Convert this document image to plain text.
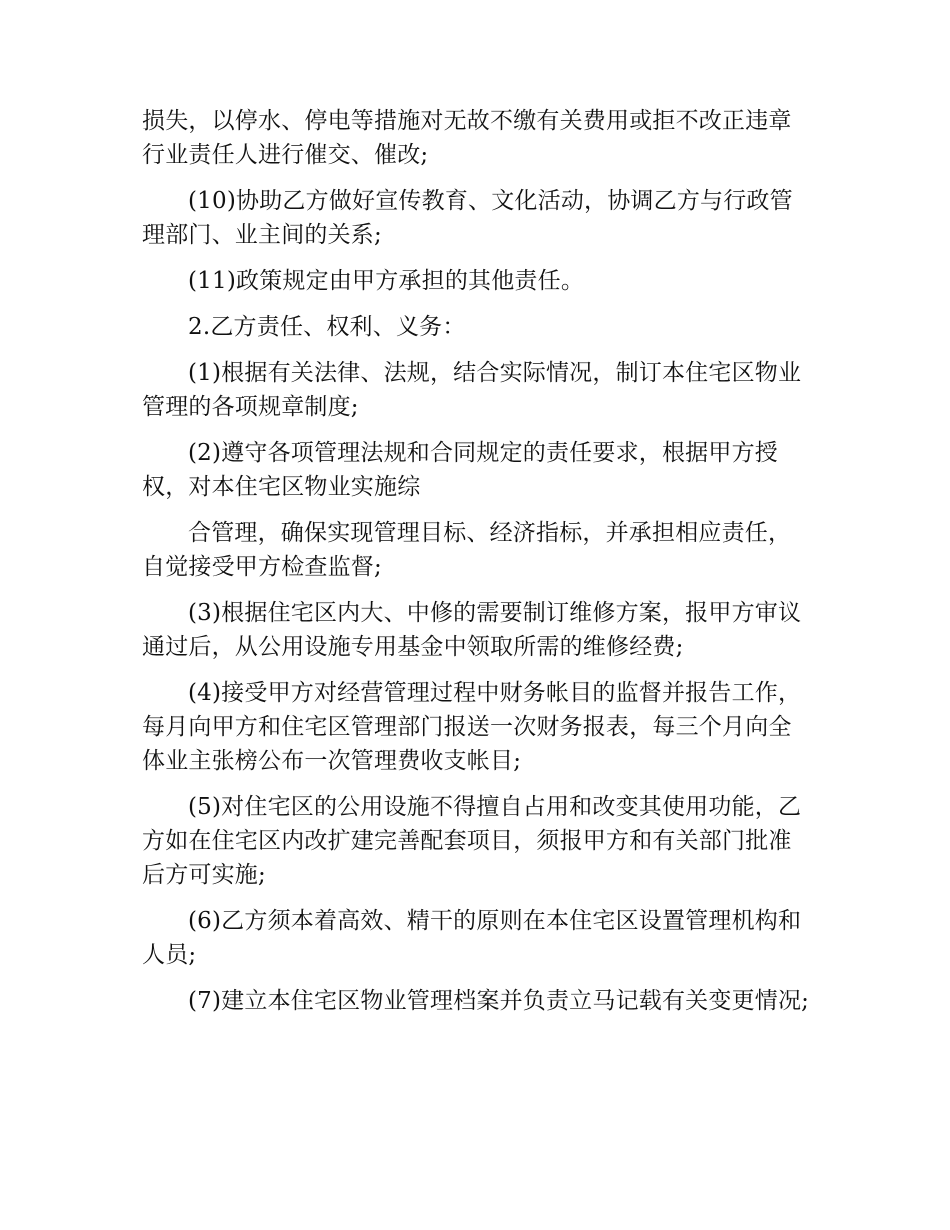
损失，以停水、停电等措施对无故不缴有关费用或拒不改正违章行业责任人进行催交、催改;

(10)协助乙方做好宣传教育、文化活动，协调乙方与行政管理部门、业主间的关系;

(11)政策规定由甲方承担的其他责任。

2.乙方责任、权利、义务：

(1)根据有关法律、法规，结合实际情况，制订本住宅区物业管理的各项规章制度;

(2)遵守各项管理法规和合同规定的责任要求，根据甲方授权，对本住宅区物业实施综

合管理，确保实现管理目标、经济指标，并承担相应责任，自觉接受甲方检查监督;

(3)根据住宅区内大、中修的需要制订维修方案，报甲方审议通过后，从公用设施专用基金中领取所需的维修经费;

(4)接受甲方对经营管理过程中财务帐目的监督并报告工作，每月向甲方和住宅区管理部门报送一次财务报表，每三个月向全体业主张榜公布一次管理费收支帐目;

(5)对住宅区的公用设施不得擅自占用和改变其使用功能，乙方如在住宅区内改扩建完善配套项目，须报甲方和有关部门批准后方可实施;

(6)乙方须本着高效、精干的原则在本住宅区设置管理机构和人员;

(7)建立本住宅区物业管理档案并负责立马记载有关变更情况;
